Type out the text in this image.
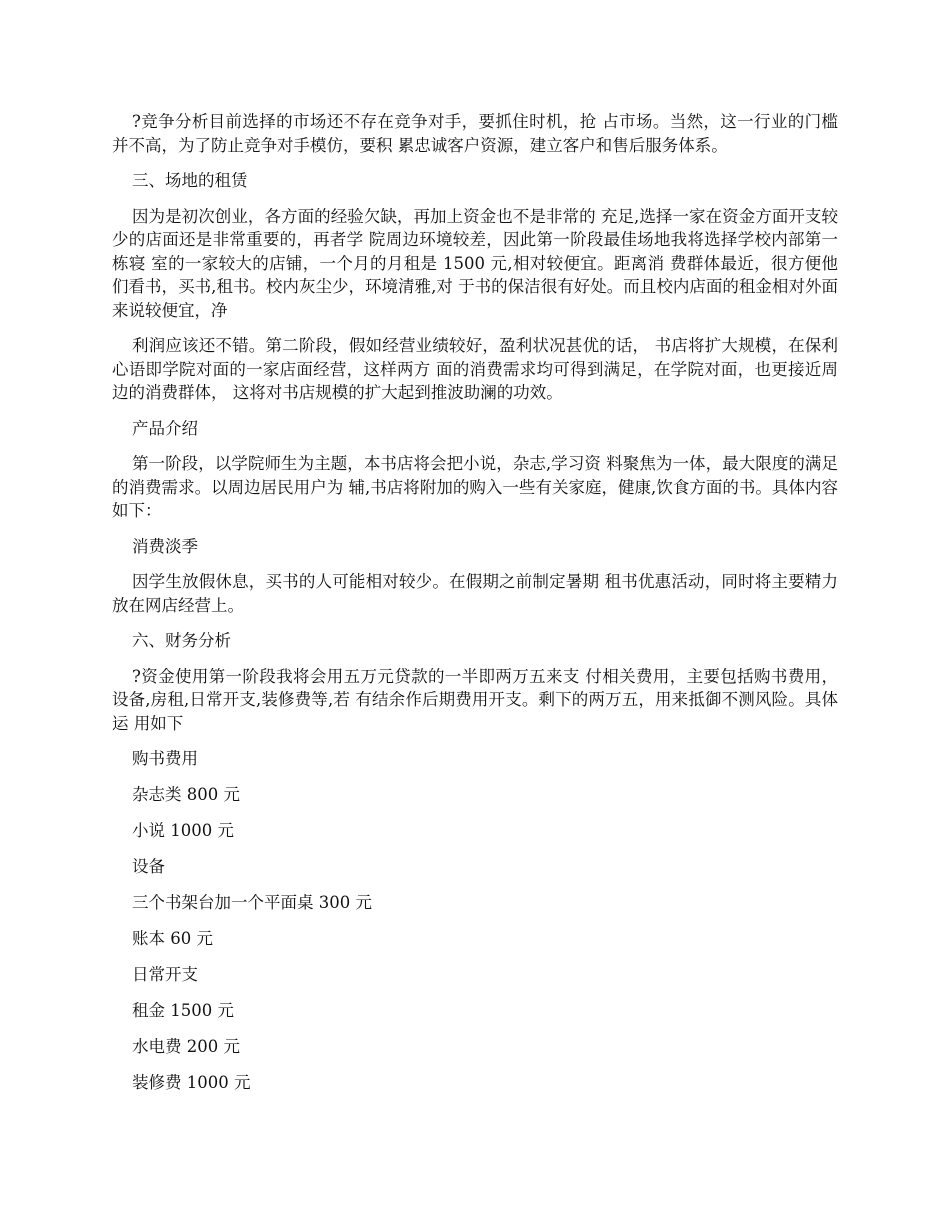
?竞争分析目前选择的市场还不存在竞争对手，要抓住时机，抢 占市场。当然，这一行业的门槛并不高，为了防止竞争对手模仿，要积 累忠诚客户资源，建立客户和售后服务体系。

三、场地的租赁

因为是初次创业，各方面的经验欠缺，再加上资金也不是非常的 充足,选择一家在资金方面开支较少的店面还是非常重要的，再者学 院周边环境较差，因此第一阶段最佳场地我将选择学校内部第一栋寝 室的一家较大的店铺，一个月的月租是 1500 元,相对较便宜。距离消 费群体最近，很方便他们看书，买书,租书。校内灰尘少，环境清雅,对 于书的保洁很有好处。而且校内店面的租金相对外面来说较便宜，净

利润应该还不错。第二阶段，假如经营业绩较好，盈利状况甚优的话， 书店将扩大规模，在保利心语即学院对面的一家店面经营，这样两方 面的消费需求均可得到满足，在学院对面，也更接近周边的消费群体， 这将对书店规模的扩大起到推波助澜的功效。

产品介绍

第一阶段，以学院师生为主题，本书店将会把小说，杂志,学习资 料聚焦为一体，最大限度的满足的消费需求。以周边居民用户为 辅,书店将附加的购入一些有关家庭，健康,饮食方面的书。具体内容 如下：

消费淡季

因学生放假休息，买书的人可能相对较少。在假期之前制定暑期 租书优惠活动，同时将主要精力放在网店经营上。

六、财务分析

?资金使用第一阶段我将会用五万元贷款的一半即两万五来支 付相关费用，主要包括购书费用，设备,房租,日常开支,装修费等,若 有结余作后期费用开支。剩下的两万五，用来抵御不测风险。具体运 用如下

购书费用

杂志类 800 元

小说 1000 元

设备

三个书架台加一个平面桌 300 元

账本 60 元

日常开支

租金 1500 元

水电费 200 元

装修费 1000 元
